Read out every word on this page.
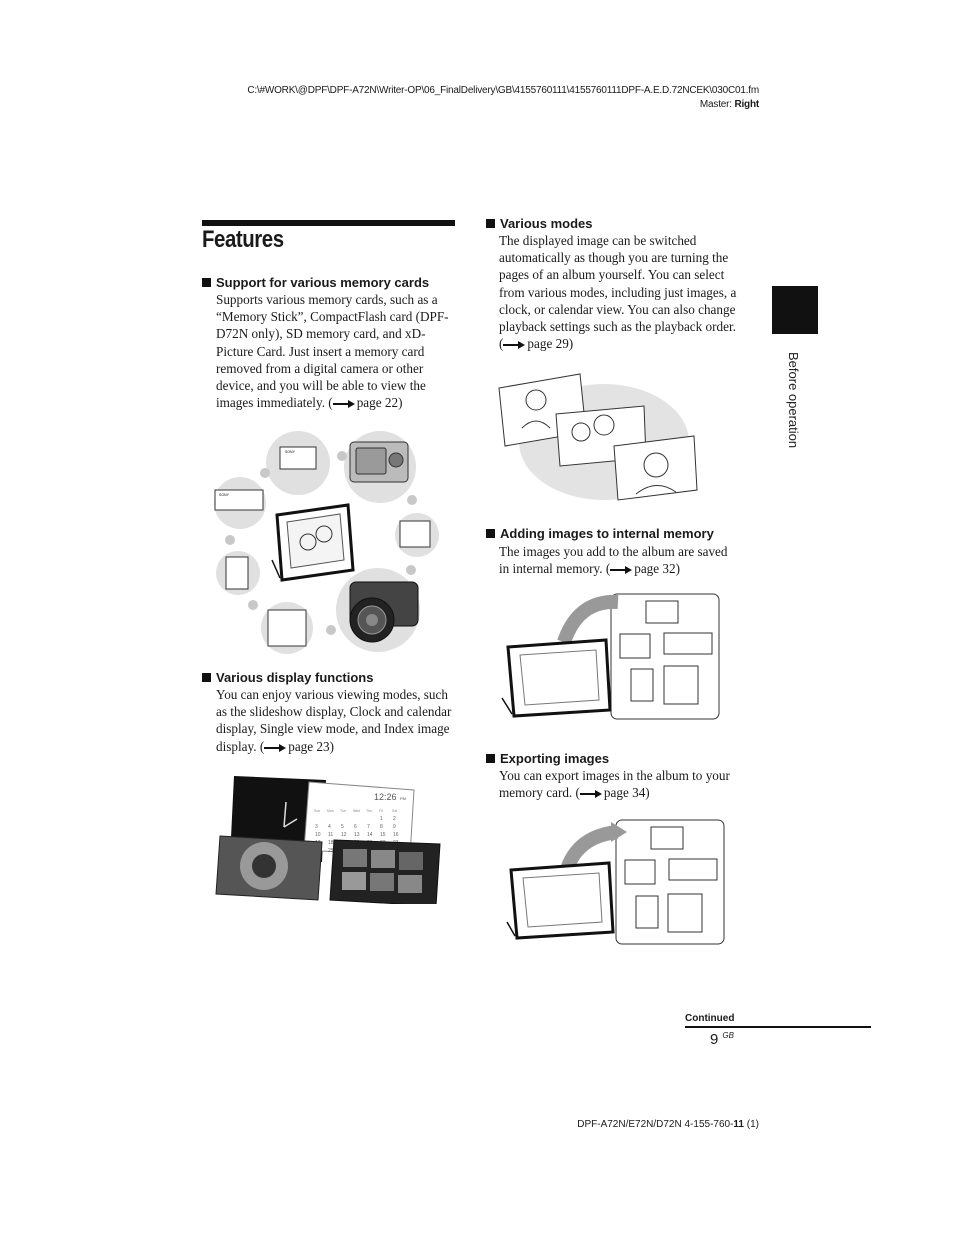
C:\#WORK\@DPF\DPF-A72N\Writer-OP\06_FinalDelivery\GB\4155760111\4155760111DPF-A.E.D.72NCEK\030C01.fm
Master: Right
Features
Before operation
Support for various memory cards
Supports various memory cards, such as a
“Memory Stick”, CompactFlash card (DPF-
D72N only), SD memory card, and xD-
Picture Card. Just insert a memory card
removed from a digital camera or other
device, and you will be able to view the
images immediately. ( page 22)
SONY
SONY
Various display functions
You can enjoy various viewing modes, such
as the slideshow display, Clock and calendar
display, Single view mode, and Index image
display. ( page 23)
12:26 PM
Sun Mon Tue Wed Thu Fri	Sat
1 2
3 4 5 6 7 8 9
10 11 12 13 14 15 16
18
25
Various modes
The displayed image can be switched
automatically as though you are turning the
pages of an album yourself. You can select
from various modes, including just images, a
clock, or calendar view. You can also change
playback settings such as the playback order.
( page 29)
Adding images to internal memory
The images you add to the album are saved
in internal memory. ( page 32)
Exporting images
You can export images in the album to your
memory card. ( page 34)
Continued
9 $^{GB}$
DPF-A72N/E72N/D72N 4-155-760-11 (1)
